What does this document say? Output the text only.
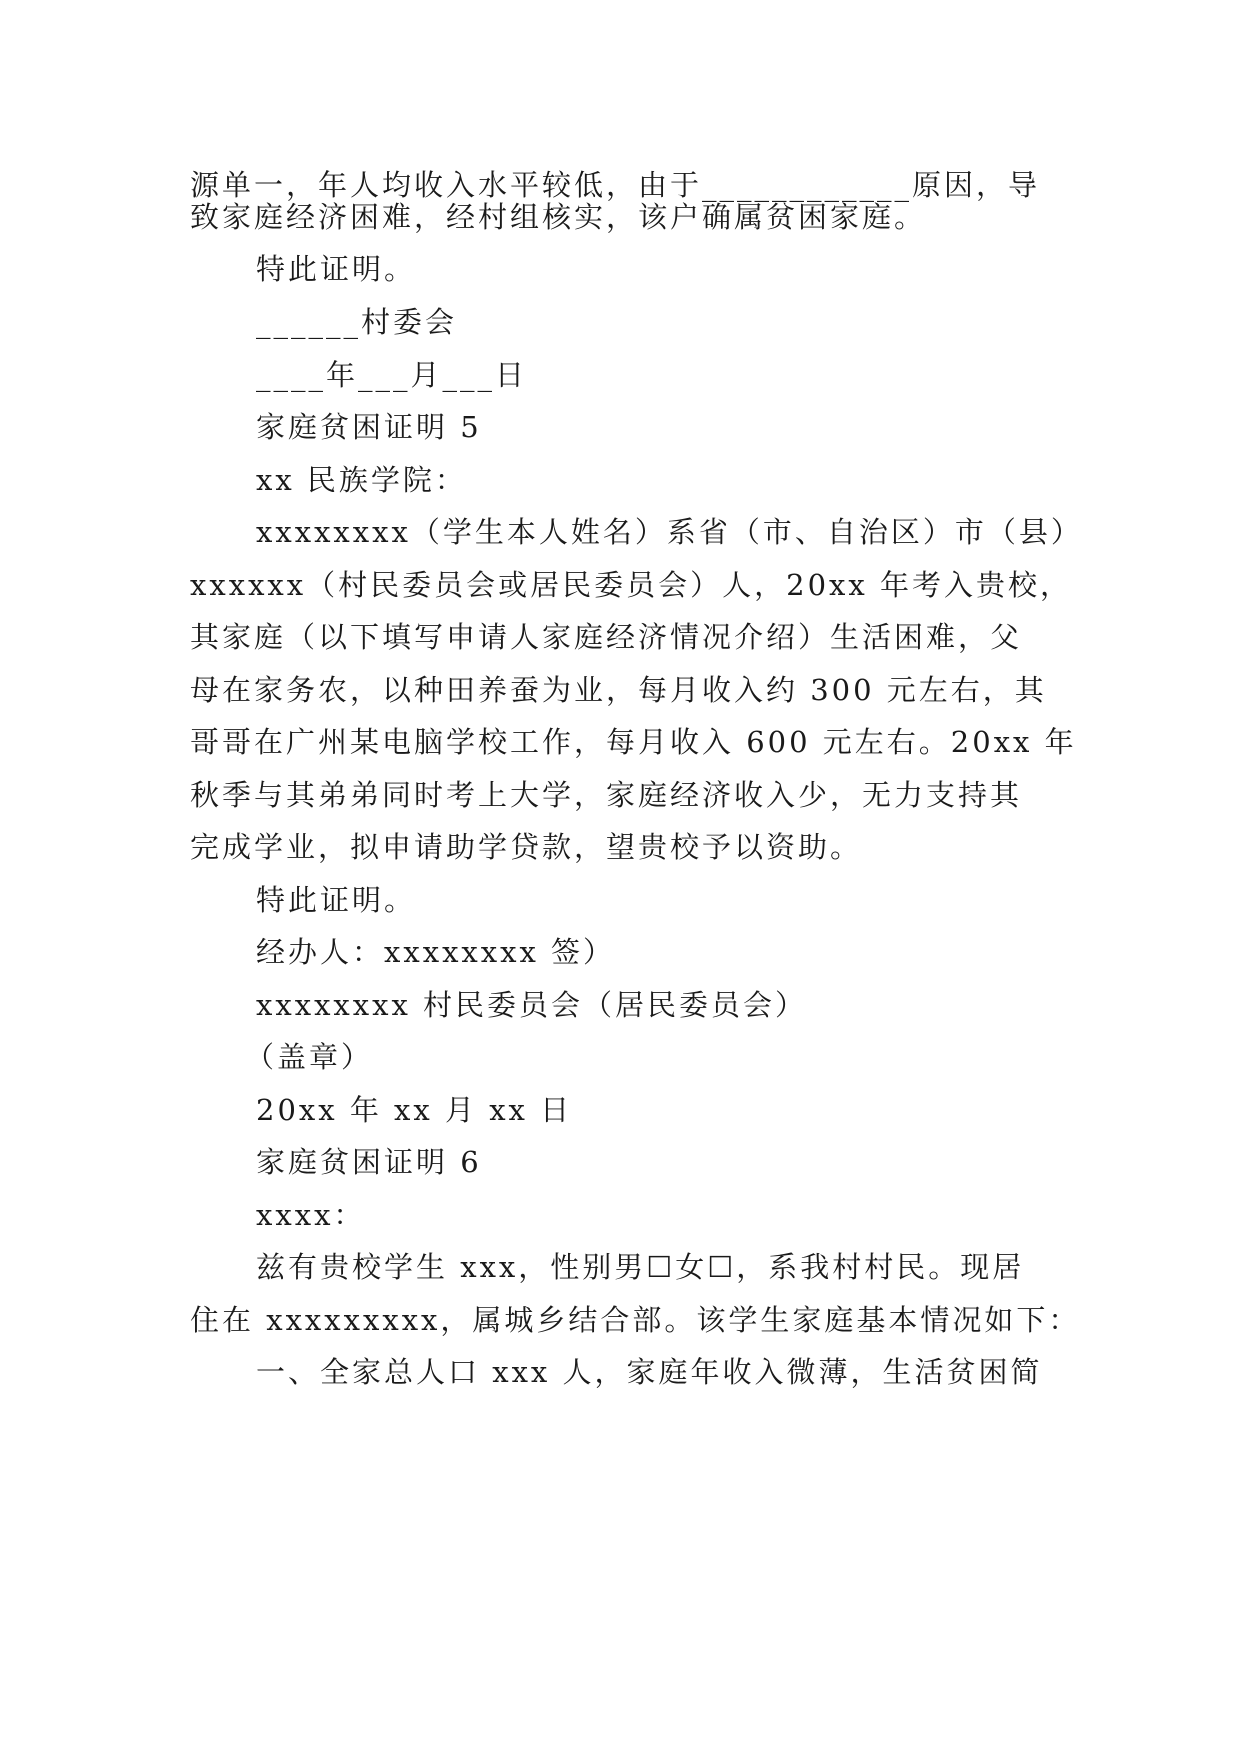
源单一，年人均收入水平较低，由于____________原因，导
致家庭经济困难，经村组核实，该户确属贫困家庭。
特此证明。
______村委会
____年___月___日
家庭贫困证明 5
xx 民族学院：
xxxxxxxx（学生本人姓名）系省（市、自治区）市（县）
xxxxxx（村民委员会或居民委员会）人，20xx 年考入贵校，
其家庭（以下填写申请人家庭经济情况介绍）生活困难，父
母在家务农，以种田养蚕为业，每月收入约 300 元左右，其
哥哥在广州某电脑学校工作，每月收入 600 元左右。20xx 年
秋季与其弟弟同时考上大学，家庭经济收入少，无力支持其
完成学业，拟申请助学贷款，望贵校予以资助。
特此证明。
经办人：xxxxxxxx 签）
xxxxxxxx 村民委员会（居民委员会）
（盖章）
20xx 年 xx 月 xx 日
家庭贫困证明 6
xxxx：
兹有贵校学生 xxx，性别男☐女☐，系我村村民。现居
住在 xxxxxxxxx，属城乡结合部。该学生家庭基本情况如下：
一、全家总人口 xxx 人，家庭年收入微薄，生活贫困简
